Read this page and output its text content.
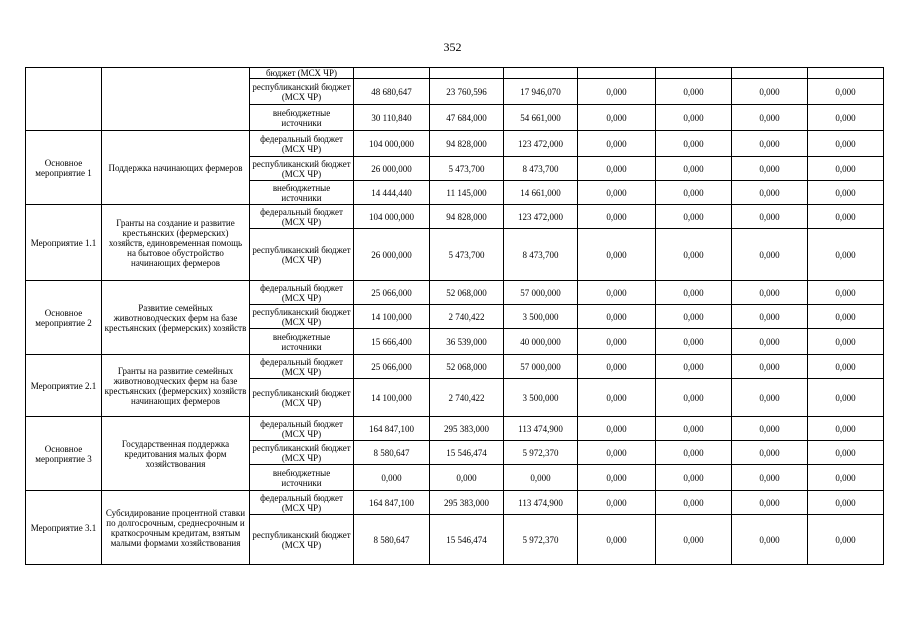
352
		бюджет (МСХ ЧР)							
		республиканский бюджет (МСХ ЧР)	48 680,647	23 760,596	17 946,070	0,000	0,000	0,000	0,000
		внебюджетные источники	30 110,840	47 684,000	54 661,000	0,000	0,000	0,000	0,000
Основное мероприятие 1	Поддержка начинающих фермеров	федеральный бюджет (МСХ ЧР)	104 000,000	94 828,000	123 472,000	0,000	0,000	0,000	0,000
		республиканский бюджет (МСХ ЧР)	26 000,000	5 473,700	8 473,700	0,000	0,000	0,000	0,000
		внебюджетные источники	14 444,440	11 145,000	14 661,000	0,000	0,000	0,000	0,000
Мероприятие 1.1	Гранты на создание и развитие крестьянских (фермерских) хозяйств, единовременная помощь на бытовое обустройство начинающих фермеров	федеральный бюджет (МСХ ЧР)	104 000,000	94 828,000	123 472,000	0,000	0,000	0,000	0,000
		республиканский бюджет (МСХ ЧР)	26 000,000	5 473,700	8 473,700	0,000	0,000	0,000	0,000
Основное мероприятие 2	Развитие семейных животноводческих ферм на базе крестьянских (фермерских) хозяйств	федеральный бюджет (МСХ ЧР)	25 066,000	52 068,000	57 000,000	0,000	0,000	0,000	0,000
		республиканский бюджет (МСХ ЧР)	14 100,000	2 740,422	3 500,000	0,000	0,000	0,000	0,000
		внебюджетные источники	15 666,400	36 539,000	40 000,000	0,000	0,000	0,000	0,000
Мероприятие 2.1	Гранты на развитие семейных животноводческих ферм на базе крестьянских (фермерских) хозяйств начинающих фермеров	федеральный бюджет (МСХ ЧР)	25 066,000	52 068,000	57 000,000	0,000	0,000	0,000	0,000
		республиканский бюджет (МСХ ЧР)	14 100,000	2 740,422	3 500,000	0,000	0,000	0,000	0,000
Основное мероприятие 3	Государственная поддержка кредитования малых форм хозяйствования	федеральный бюджет (МСХ ЧР)	164 847,100	295 383,000	113 474,900	0,000	0,000	0,000	0,000
		республиканский бюджет (МСХ ЧР)	8 580,647	15 546,474	5 972,370	0,000	0,000	0,000	0,000
		внебюджетные источники	0,000	0,000	0,000	0,000	0,000	0,000	0,000
Мероприятие 3.1	Субсидирование процентной ставки по долгосрочным, среднесрочным и краткосрочным кредитам, взятым малыми формами хозяйствования	федеральный бюджет (МСХ ЧР)	164 847,100	295 383,000	113 474,900	0,000	0,000	0,000	0,000
		республиканский бюджет (МСХ ЧР)	8 580,647	15 546,474	5 972,370	0,000	0,000	0,000	0,000
